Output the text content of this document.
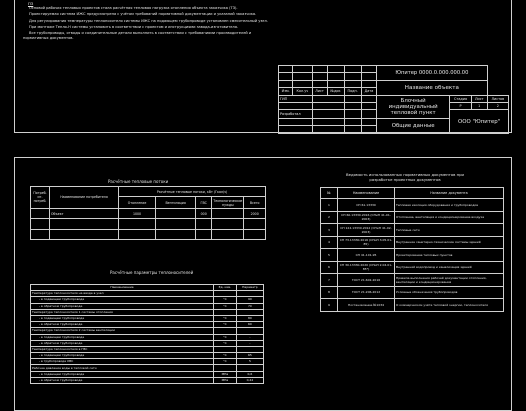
ПЗ

Основой рабочих тепловых проектов стала расчётная тепловая нагрузка отопления объекта заказчика (ТЗ).

Проектируемая система ИЖС предусмотрена с учётом требований нормативной документации и указаний заказчика.

Для регулирования температуры теплоносителя системы ИЖС на подающем трубопроводе установлен смесительный узел.

При монтаже Тепло-Н системы установить в соответствии с проектом и инструкциями завода-изготовителя.

Все трубопроводы, отводы и соединительные детали выполнить в соответствии с требованиями производителей и нормативных документов.

						Юпитер 0000.0.000.000.00			

						Название объекта			
Изм.	Кол.уч	Лист	№док	Подп.	Дата				
ГИП						Блочный индивидуальный тепловой пункт	Стадия	Лист	Листов
							Р	1	2
Разработал							ООО "Юпитер"		
						Общие данные			

Расчётные тепловые потоки
Потреб. ит. потреб.	Наименование потребителя	Расчётные тепловые потоки, кВт (Гкал/ч)				
		Отопление	Вентиляция	ГВС	Технологические нужды	Всего
	Объект	1000		000		2000

Расчётные параметры теплоносителей
Наименование	Ед. изм.	Параметр
Температура теплоносителя на вводе в узел		
- в подающем трубопроводе	°С	90
- в обратном трубопроводе	°С	70
Температура теплоносителя 1 системы отопления		
- в подающем трубопроводе	°С	80
- в обратном трубопроводе	°С	60
Температура теплоносителя 2 системы вентиляции		
- в подающем трубопроводе	°С	-
- в обратном трубопроводе	°С	-
Температура теплоносителя в ГВС		
- в подающем трубопроводе	°С	65
- в трубопроводе ХВС	°С	5
Рабочее давление воды в тепловой сети		
- в подающем трубопроводе	МПа	0,6
- в обратном трубопроводе	МПа	0,42
Ведомость использованных нормативных документов при разработке проектных документов
№	Наименование	Название документа
1	СП 61.13330	Тепловая изоляция оборудования и трубопроводов
2	СП 60.13330.2016 (СНиП 41-01-2003)	Отопление, вентиляция и кондиционирование воздуха
3	СП 124.13330.2012 (СНиП 41-02-2003)	Тепловые сети
4	СП 73.13330.2016 (СНиП 3.05.01-85)	Внутренние санитарно-технические системы зданий
5	СП 41-101-95	Проектирование тепловых пунктов
6	СП 30.13330.2020 (СНиП 2.04.01-85*)	Внутренний водопровод и канализация зданий
7	ГОСТ 21.602-2016	Правила выполнения рабочей документации отопления, вентиляции и кондиционирования
8	ГОСТ 21.206-2012	Условные обозначения трубопроводов
9	Постановление №1034	О коммерческом учёте тепловой энергии, теплоносителя
